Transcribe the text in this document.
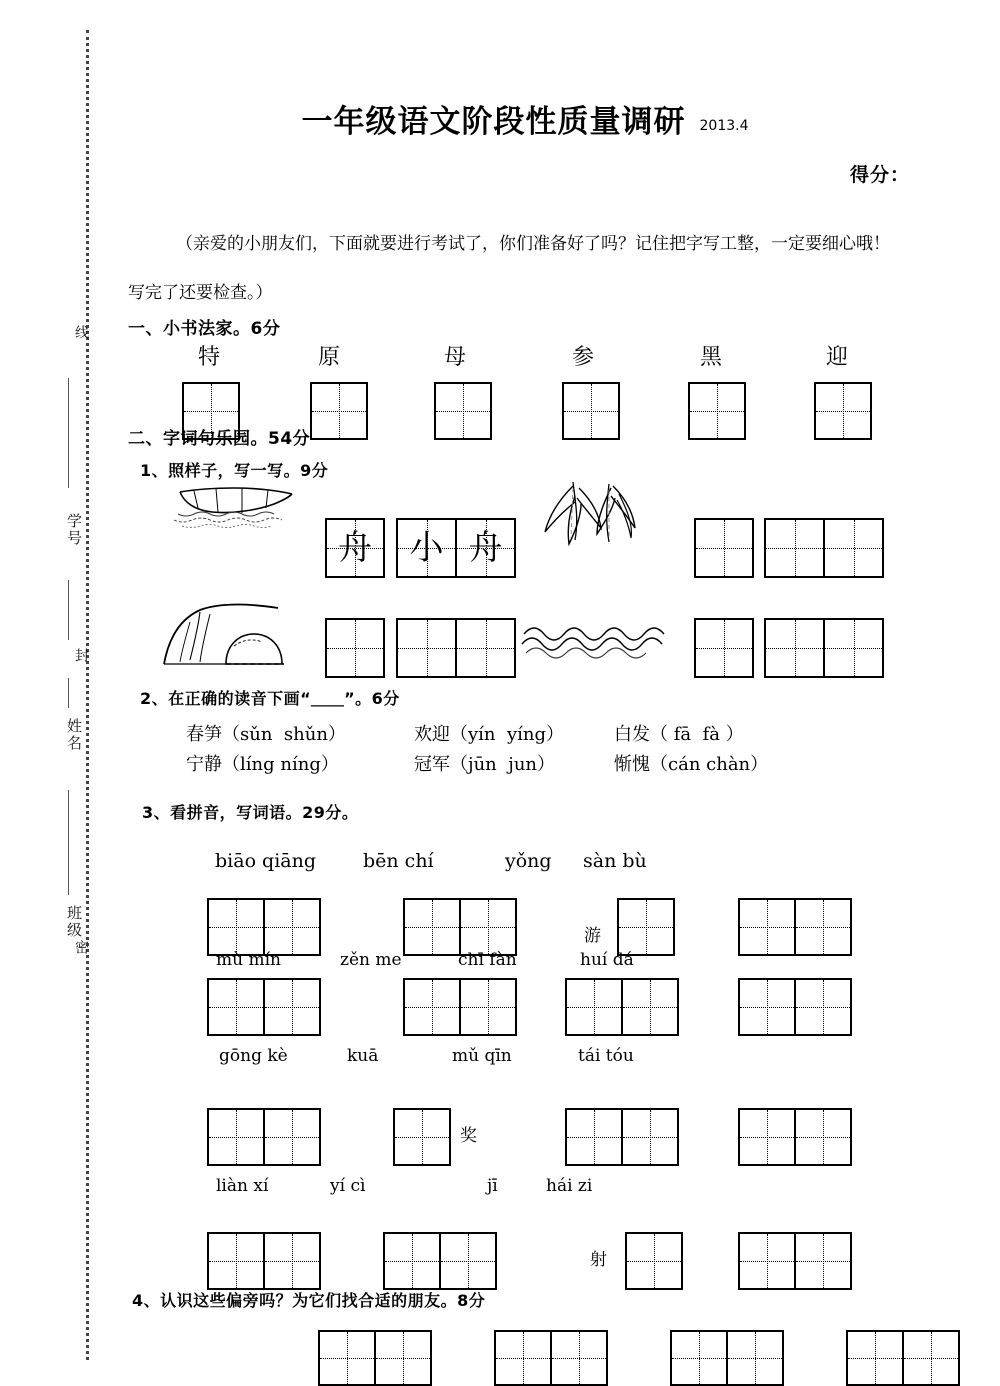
线
封
密
学号
姓名
班级
一年级语文阶段性质量调研 2013.4
得分：
（亲爱的小朋友们，下面就要进行考试了，你们准备好了吗？记住把字写工整，一定要细心哦！写完了还要检查。）
一、小书法家。6分
特	原	母	参	黑	迎
二、字词句乐园。54分
1、照样子，写一写。9分
舟 小 舟
2、在正确的读音下画“＿＿”。6分
春笋（sǔn shǔn）	欢迎（yín yíng）	白发（ fā fà ）
宁静（líng níng）	冠军（jūn jun）	惭愧（cán chàn）
3、看拼音，写词语。29分。
biāo qiāng bēn chí	yǒng sàn bù
游
mù mín	zěn me	chī fàn	huí dá
gōng kè	kuā	mǔ qīn	tái tóu
奖
liàn xí	yí cì	jī	hái zi
射
4、认识这些偏旁吗？为它们找合适的朋友。8分
